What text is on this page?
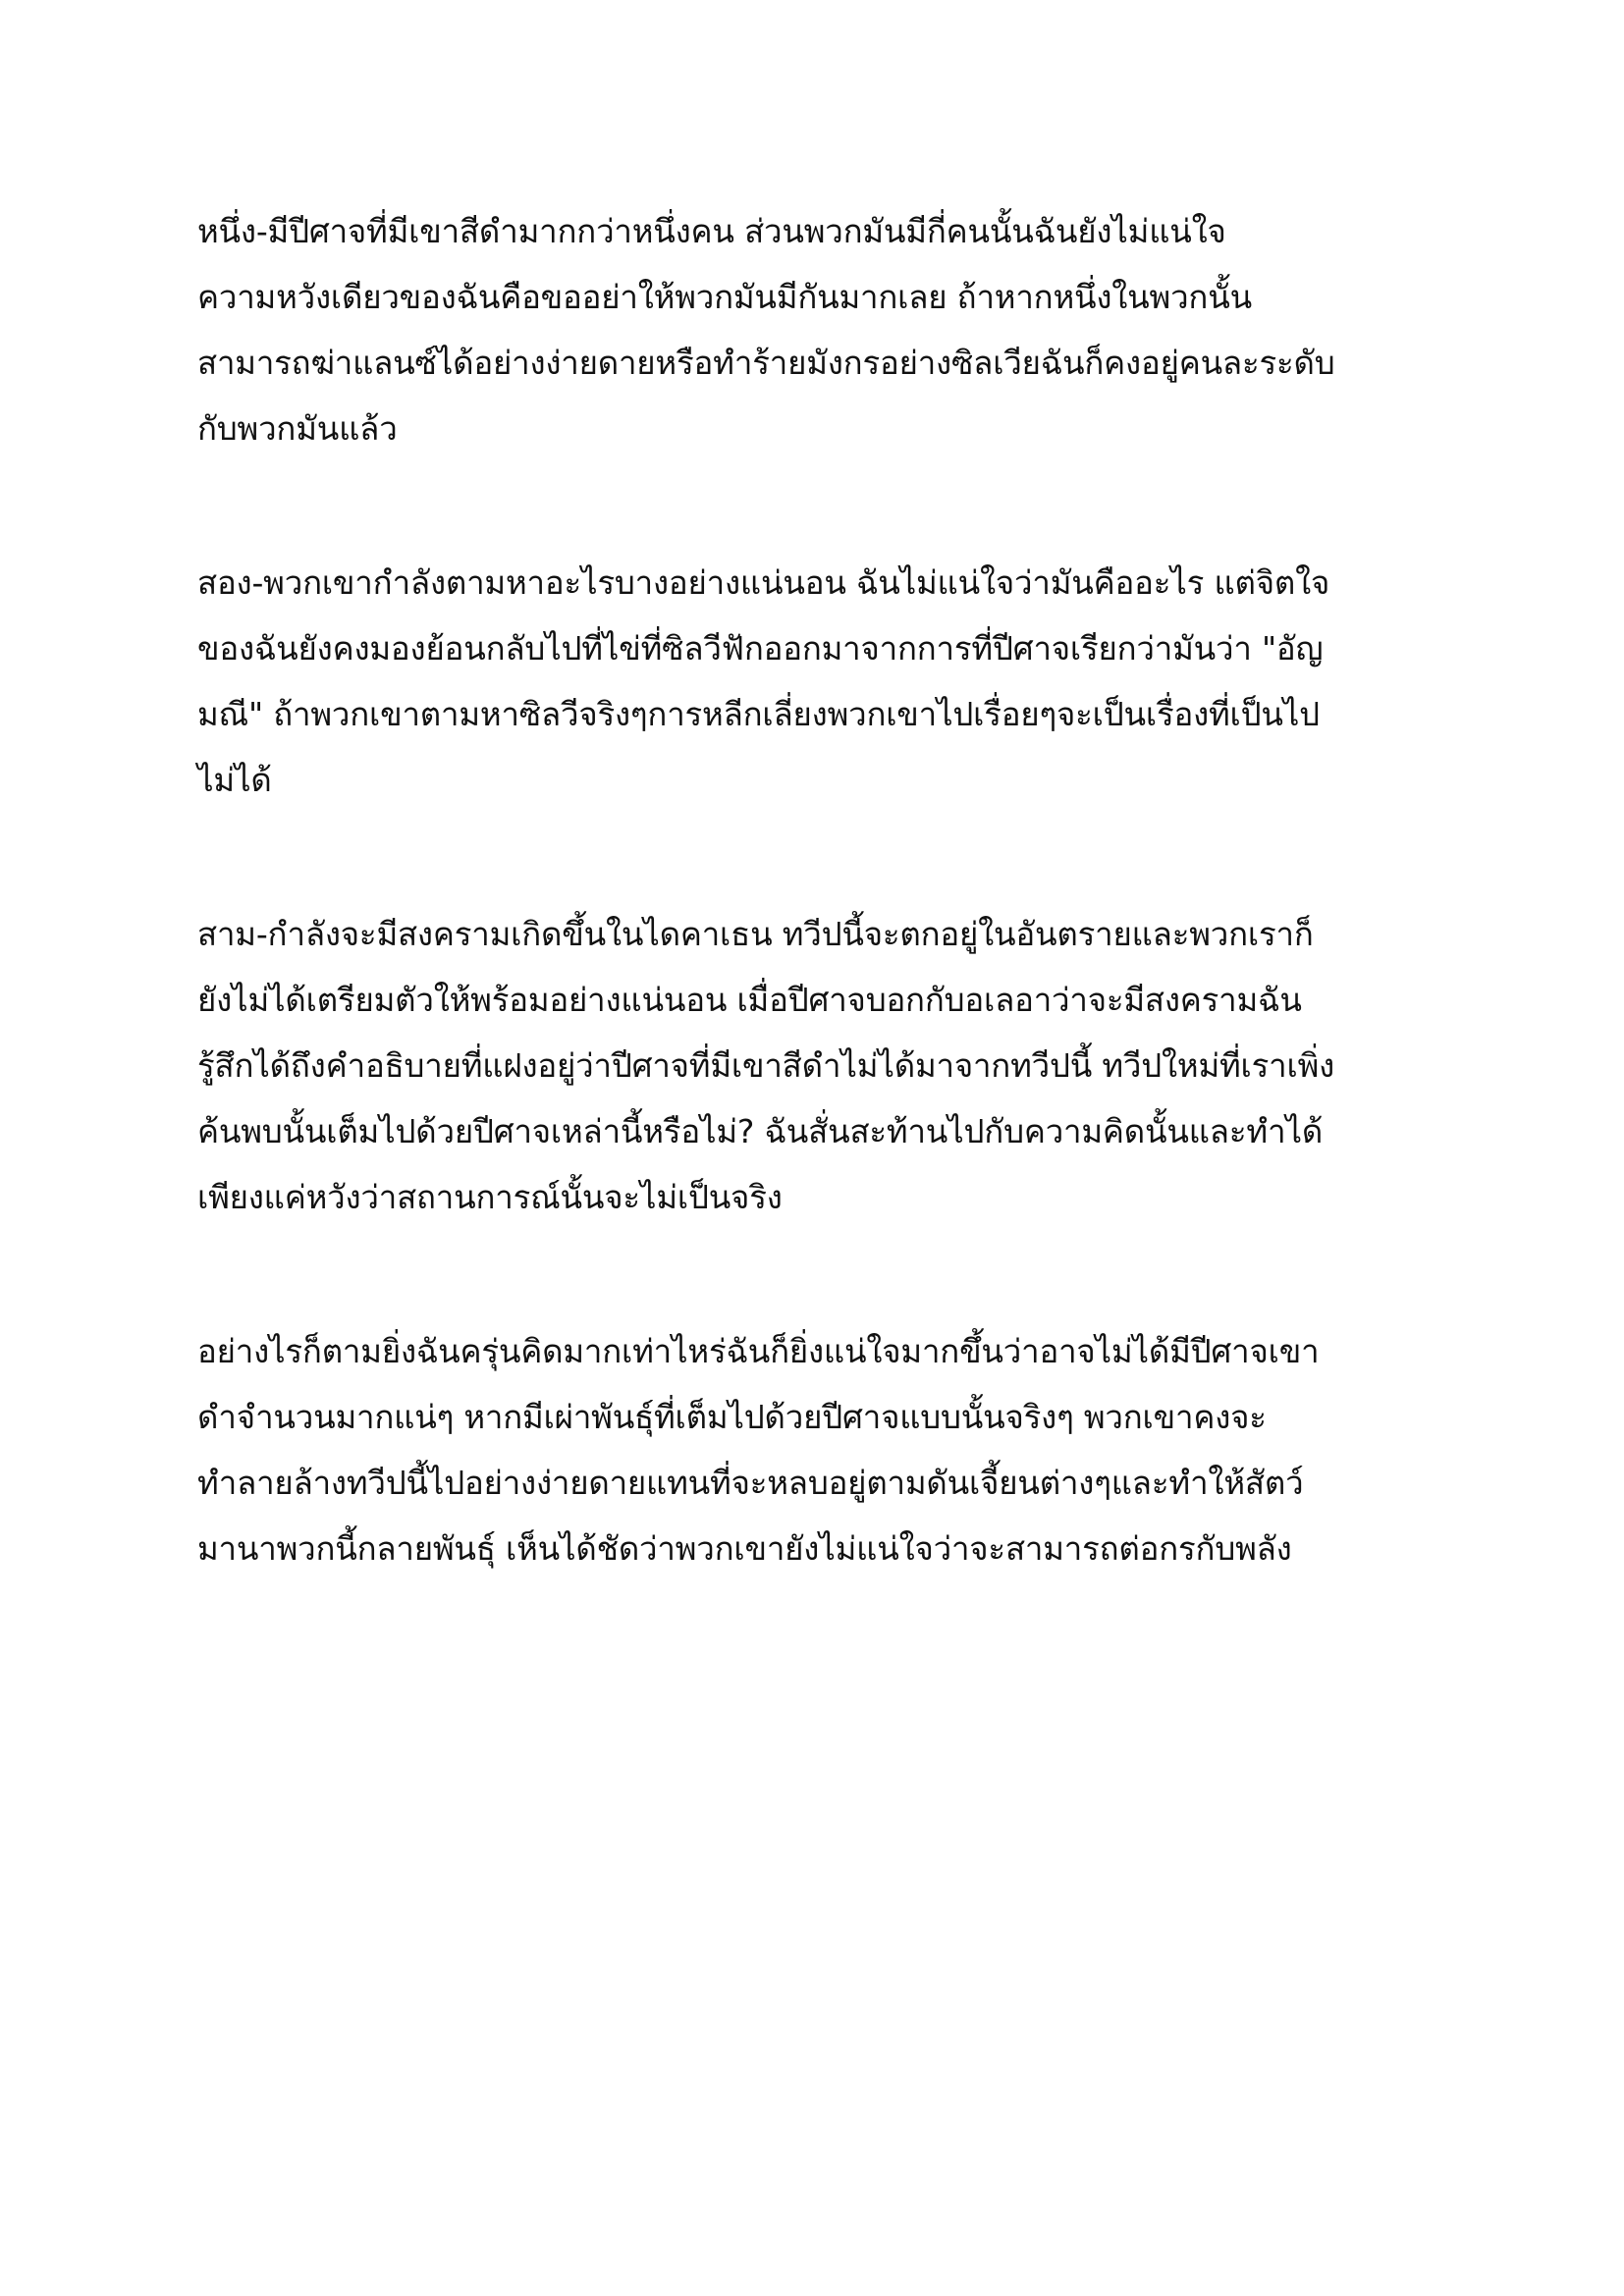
หนึ่ง-มีปีศาจที่มีเขาสีดำมากกว่าหนึ่งคน ส่วนพวกมันมีกี่คนนั้นฉันยังไม่แน่ใจ
ความหวังเดียวของฉันคือขออย่าให้พวกมันมีกันมากเลย ถ้าหากหนึ่งในพวกนั้น
สามารถฆ่าแลนซ์ได้อย่างง่ายดายหรือทำร้ายมังกรอย่างซิลเวียฉันก็คงอยู่คนละระดับ
กับพวกมันแล้ว

สอง-พวกเขากำลังตามหาอะไรบางอย่างแน่นอน ฉันไม่แน่ใจว่ามันคืออะไร แต่จิตใจ
ของฉันยังคงมองย้อนกลับไปที่ไข่ที่ซิลวีฟักออกมาจากการที่ปีศาจเรียกว่ามันว่า "อัญ
มณี" ถ้าพวกเขาตามหาซิลวีจริงๆการหลีกเลี่ยงพวกเขาไปเรื่อยๆจะเป็นเรื่องที่เป็นไป
ไม่ได้

สาม-กำลังจะมีสงครามเกิดขึ้นในไดคาเธน ทวีปนี้จะตกอยู่ในอันตรายและพวกเราก็
ยังไม่ได้เตรียมตัวให้พร้อมอย่างแน่นอน เมื่อปีศาจบอกกับอเลอาว่าจะมีสงครามฉัน
รู้สึกได้ถึงคำอธิบายที่แฝงอยู่ว่าปีศาจที่มีเขาสีดำไม่ได้มาจากทวีปนี้ ทวีปใหม่ที่เราเพิ่ง
ค้นพบนั้นเต็มไปด้วยปีศาจเหล่านี้หรือไม่? ฉันสั่นสะท้านไปกับความคิดนั้นและทำได้
เพียงแค่หวังว่าสถานการณ์นั้นจะไม่เป็นจริง

อย่างไรก็ตามยิ่งฉันครุ่นคิดมากเท่าไหร่ฉันก็ยิ่งแน่ใจมากขึ้นว่าอาจไม่ได้มีปีศาจเขา
ดำจำนวนมากแน่ๆ หากมีเผ่าพันธุ์ที่เต็มไปด้วยปีศาจแบบนั้นจริงๆ พวกเขาคงจะ
ทำลายล้างทวีปนี้ไปอย่างง่ายดายแทนที่จะหลบอยู่ตามดันเจี้ยนต่างๆและทำให้สัตว์
มานาพวกนี้กลายพันธุ์ เห็นได้ชัดว่าพวกเขายังไม่แน่ใจว่าจะสามารถต่อกรกับพลัง
